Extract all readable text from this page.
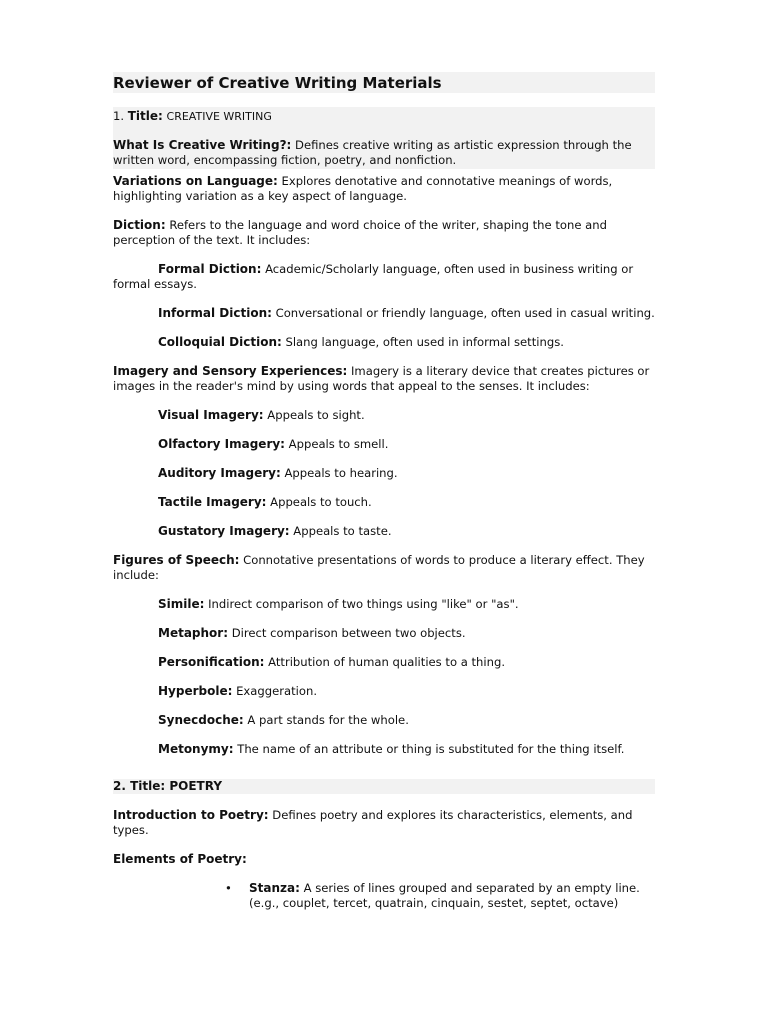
Reviewer of Creative Writing Materials

1. Title: CREATIVE WRITING

What Is Creative Writing?: Defines creative writing as artistic expression through the written word, encompassing fiction, poetry, and nonfiction.

Variations on Language: Explores denotative and connotative meanings of words, highlighting variation as a key aspect of language.

Diction: Refers to the language and word choice of the writer, shaping the tone and perception of the text. It includes:

Formal Diction: Academic/Scholarly language, often used in business writing or formal essays.

Informal Diction: Conversational or friendly language, often used in casual writing.

Colloquial Diction: Slang language, often used in informal settings.

Imagery and Sensory Experiences: Imagery is a literary device that creates pictures or images in the reader's mind by using words that appeal to the senses. It includes:

Visual Imagery: Appeals to sight.

Olfactory Imagery: Appeals to smell.

Auditory Imagery: Appeals to hearing.

Tactile Imagery: Appeals to touch.

Gustatory Imagery: Appeals to taste.

Figures of Speech: Connotative presentations of words to produce a literary effect. They include:

Simile: Indirect comparison of two things using "like" or "as".

Metaphor: Direct comparison between two objects.

Personification: Attribution of human qualities to a thing.

Hyperbole: Exaggeration.

Synecdoche: A part stands for the whole.

Metonymy: The name of an attribute or thing is substituted for the thing itself.

2. Title: POETRY

Introduction to Poetry: Defines poetry and explores its characteristics, elements, and types.

Elements of Poetry:

• Stanza: A series of lines grouped and separated by an empty line. (e.g., couplet, tercet, quatrain, cinquain, sestet, septet, octave)
